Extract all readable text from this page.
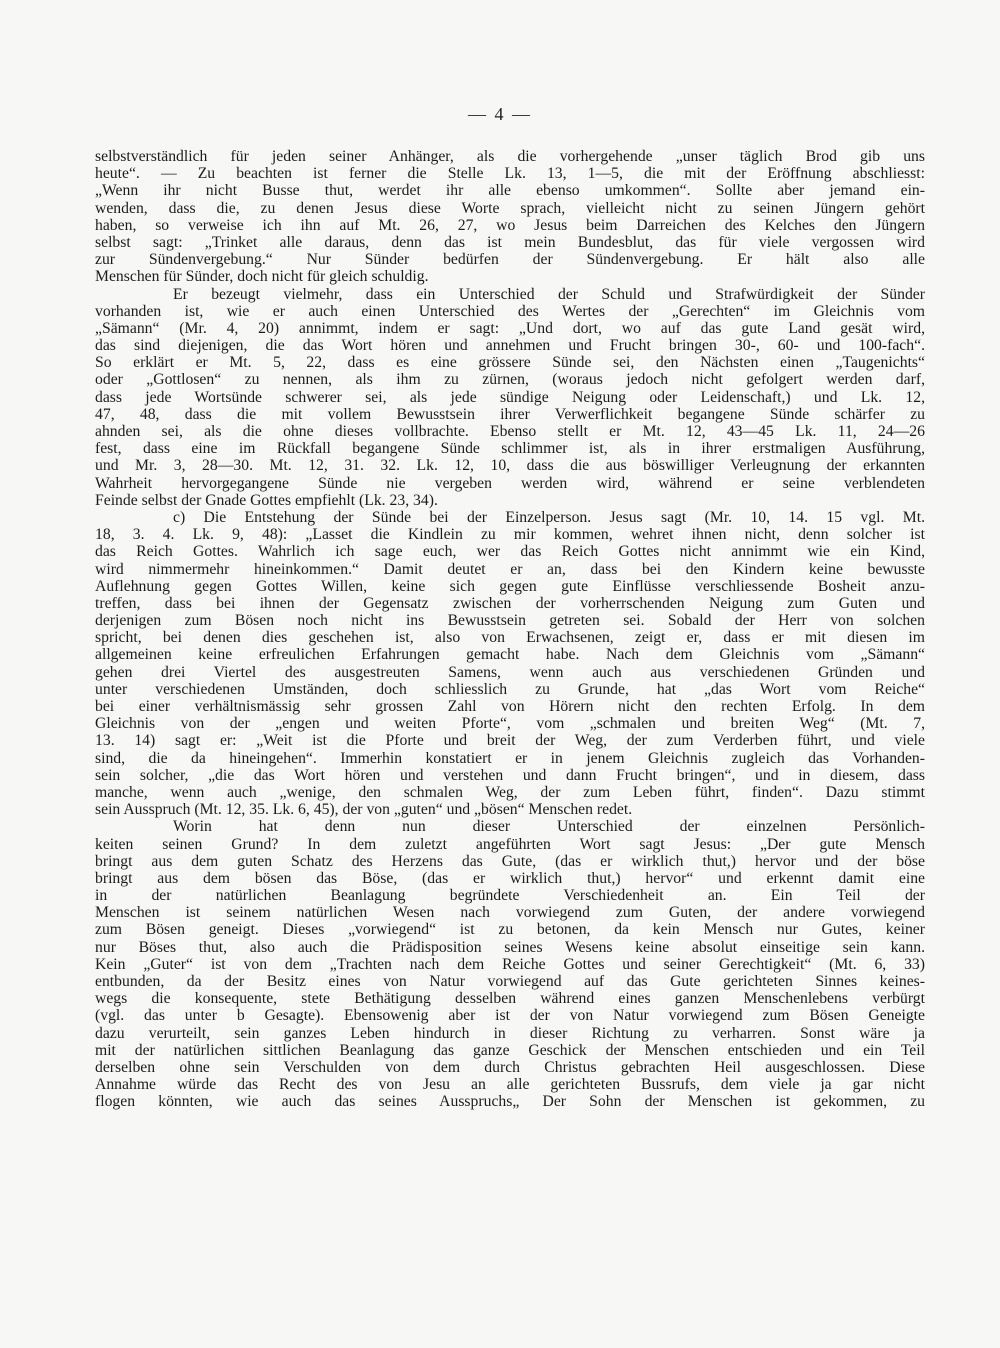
— 4 —
selbstverständlich für jeden seiner Anhänger, als die vorhergehende „unser täglich Brod gib uns
heute“. — Zu beachten ist ferner die Stelle Lk. 13, 1—5, die mit der Eröffnung abschliesst:
„Wenn ihr nicht Busse thut, werdet ihr alle ebenso umkommen“. Sollte aber jemand ein-
wenden, dass die, zu denen Jesus diese Worte sprach, vielleicht nicht zu seinen Jüngern gehört
haben, so verweise ich ihn auf Mt. 26, 27, wo Jesus beim Darreichen des Kelches den Jüngern
selbst sagt: „Trinket alle daraus, denn das ist mein Bundesblut, das für viele vergossen wird
zur Sündenvergebung.“ Nur Sünder bedürfen der Sündenvergebung. Er hält also alle
Menschen für Sünder, doch nicht für gleich schuldig.
Er bezeugt vielmehr, dass ein Unterschied der Schuld und Strafwürdigkeit der Sünder
vorhanden ist, wie er auch einen Unterschied des Wertes der „Gerechten“ im Gleichnis vom
„Sämann“ (Mr. 4, 20) annimmt, indem er sagt: „Und dort, wo auf das gute Land gesät wird,
das sind diejenigen, die das Wort hören und annehmen und Frucht bringen 30-, 60- und 100-fach“.
So erklärt er Mt. 5, 22, dass es eine grössere Sünde sei, den Nächsten einen „Taugenichts“
oder „Gottlosen“ zu nennen, als ihm zu zürnen, (woraus jedoch nicht gefolgert werden darf,
dass jede Wortsünde schwerer sei, als jede sündige Neigung oder Leidenschaft,) und Lk. 12,
47, 48, dass die mit vollem Bewusstsein ihrer Verwerflichkeit begangene Sünde schärfer zu
ahnden sei, als die ohne dieses vollbrachte. Ebenso stellt er Mt. 12, 43—45 Lk. 11, 24—26
fest, dass eine im Rückfall begangene Sünde schlimmer ist, als in ihrer erstmaligen Ausführung,
und Mr. 3, 28—30. Mt. 12, 31. 32. Lk. 12, 10, dass die aus böswilliger Verleugnung der erkannten
Wahrheit hervorgegangene Sünde nie vergeben werden wird, während er seine verblendeten
Feinde selbst der Gnade Gottes empfiehlt (Lk. 23, 34).
c) Die Entstehung der Sünde bei der Einzelperson. Jesus sagt (Mr. 10, 14. 15 vgl. Mt.
18, 3. 4. Lk. 9, 48): „Lasset die Kindlein zu mir kommen, wehret ihnen nicht, denn solcher ist
das Reich Gottes. Wahrlich ich sage euch, wer das Reich Gottes nicht annimmt wie ein Kind,
wird nimmermehr hineinkommen.“ Damit deutet er an, dass bei den Kindern keine bewusste
Auflehnung gegen Gottes Willen, keine sich gegen gute Einflüsse verschliessende Bosheit anzu-
treffen, dass bei ihnen der Gegensatz zwischen der vorherrschenden Neigung zum Guten und
derjenigen zum Bösen noch nicht ins Bewusstsein getreten sei. Sobald der Herr von solchen
spricht, bei denen dies geschehen ist, also von Erwachsenen, zeigt er, dass er mit diesen im
allgemeinen keine erfreulichen Erfahrungen gemacht habe. Nach dem Gleichnis vom „Sämann“
gehen drei Viertel des ausgestreuten Samens, wenn auch aus verschiedenen Gründen und
unter verschiedenen Umständen, doch schliesslich zu Grunde, hat „das Wort vom Reiche“
bei einer verhältnismässig sehr grossen Zahl von Hörern nicht den rechten Erfolg. In dem
Gleichnis von der „engen und weiten Pforte“, vom „schmalen und breiten Weg“ (Mt. 7,
13. 14) sagt er: „Weit ist die Pforte und breit der Weg, der zum Verderben führt, und viele
sind, die da hineingehen“. Immerhin konstatiert er in jenem Gleichnis zugleich das Vorhanden-
sein solcher, „die das Wort hören und verstehen und dann Frucht bringen“, und in diesem, dass
manche, wenn auch „wenige, den schmalen Weg, der zum Leben führt, finden“. Dazu stimmt
sein Ausspruch (Mt. 12, 35. Lk. 6, 45), der von „guten“ und „bösen“ Menschen redet.
Worin hat denn nun dieser Unterschied der einzelnen Persönlich-
keiten seinen Grund? In dem zuletzt angeführten Wort sagt Jesus: „Der gute Mensch
bringt aus dem guten Schatz des Herzens das Gute, (das er wirklich thut,) hervor und der böse
bringt aus dem bösen das Böse, (das er wirklich thut,) hervor“ und erkennt damit eine
in der natürlichen Beanlagung begründete Verschiedenheit an. Ein Teil der
Menschen ist seinem natürlichen Wesen nach vorwiegend zum Guten, der andere vorwiegend
zum Bösen geneigt. Dieses „vorwiegend“ ist zu betonen, da kein Mensch nur Gutes, keiner
nur Böses thut, also auch die Prädisposition seines Wesens keine absolut einseitige sein kann.
Kein „Guter“ ist von dem „Trachten nach dem Reiche Gottes und seiner Gerechtigkeit“ (Mt. 6, 33)
entbunden, da der Besitz eines von Natur vorwiegend auf das Gute gerichteten Sinnes keines-
wegs die konsequente, stete Bethätigung desselben während eines ganzen Menschenlebens verbürgt
(vgl. das unter b Gesagte). Ebensowenig aber ist der von Natur vorwiegend zum Bösen Geneigte
dazu verurteilt, sein ganzes Leben hindurch in dieser Richtung zu verharren. Sonst wäre ja
mit der natürlichen sittlichen Beanlagung das ganze Geschick der Menschen entschieden und ein Teil
derselben ohne sein Verschulden von dem durch Christus gebrachten Heil ausgeschlossen. Diese
Annahme würde das Recht des von Jesu an alle gerichteten Bussrufs, dem viele ja gar nicht
flogen könnten, wie auch das seines Ausspruchs„ Der Sohn der Menschen ist gekommen, zu
